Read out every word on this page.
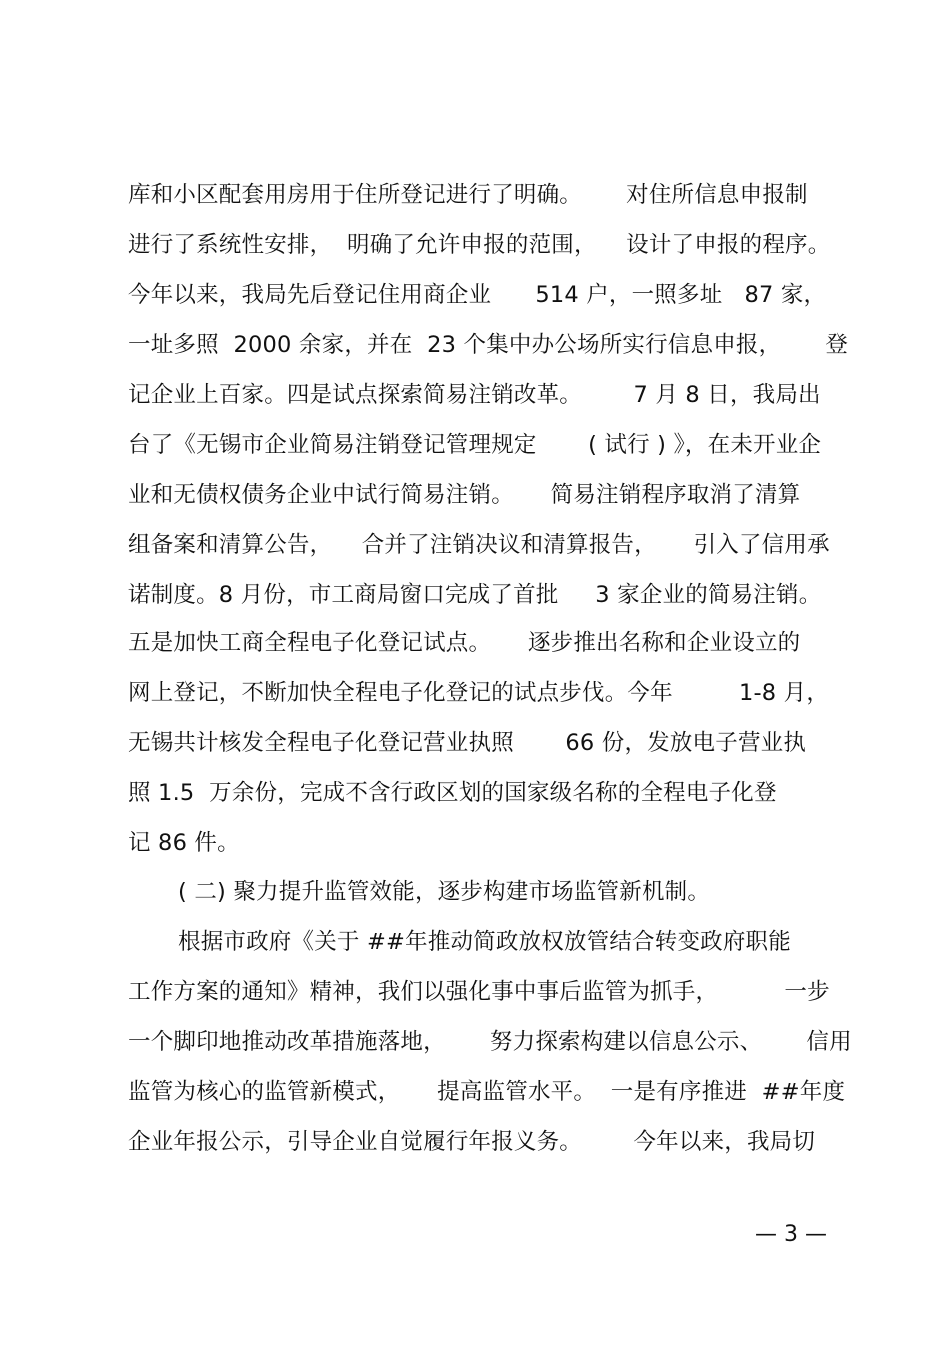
库和小区配套用房用于住所登记进行了明确。      对住所信息申报制
进行了系统性安排，  明确了允许申报的范围，    设计了申报的程序。
今年以来，我局先后登记住用商企业      514 户，一照多址   87 家，
一址多照  2000 余家，并在  23 个集中办公场所实行信息申报，      登
记企业上百家。四是试点探索简易注销改革。       7 月 8 日，我局出
台了《无锡市企业简易注销登记管理规定       ( 试行 ) 》，在未开业企
业和无债权债务企业中试行简易注销。     简易注销程序取消了清算
组备案和清算公告，    合并了注销决议和清算报告，     引入了信用承
诺制度。8 月份，市工商局窗口完成了首批     3 家企业的简易注销。
五是加快工商全程电子化登记试点。     逐步推出名称和企业设立的
网上登记，不断加快全程电子化登记的试点步伐。今年         1-8 月，
无锡共计核发全程电子化登记营业执照       66 份，发放电子营业执
照 1.5  万余份，完成不含行政区划的国家级名称的全程电子化登
记 86 件。
( 二) 聚力提升监管效能，逐步构建市场监管新机制。
根据市政府《关于 ##年推动简政放权放管结合转变政府职能
工作方案的通知》精神，我们以强化事中事后监管为抓手，         一步
一个脚印地推动改革措施落地，      努力探索构建以信息公示、      信用
监管为核心的监管新模式，     提高监管水平。  一是有序推进  ##年度
企业年报公示，引导企业自觉履行年报义务。       今年以来，我局切
— 3 —
